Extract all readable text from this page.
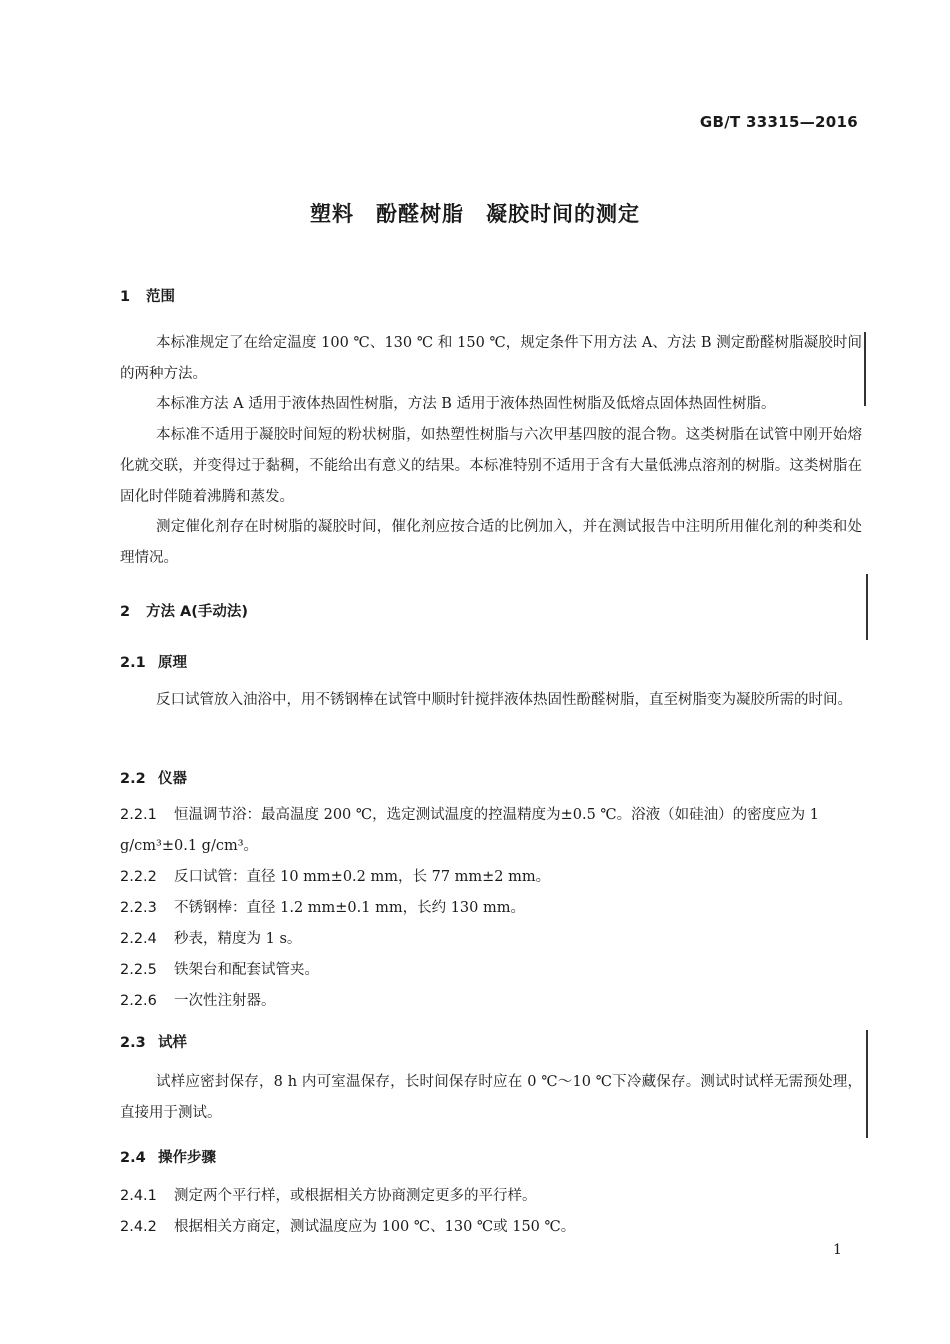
GB/T 33315—2016
塑料　酚醛树脂　凝胶时间的测定
1 范围
本标准规定了在给定温度 100 ℃、130 ℃ 和 150 ℃，规定条件下用方法 A、方法 B 测定酚醛树脂凝胶时间的两种方法。
本标准方法 A 适用于液体热固性树脂，方法 B 适用于液体热固性树脂及低熔点固体热固性树脂。
本标准不适用于凝胶时间短的粉状树脂，如热塑性树脂与六次甲基四胺的混合物。这类树脂在试管中刚开始熔化就交联，并变得过于黏稠，不能给出有意义的结果。本标准特别不适用于含有大量低沸点溶剂的树脂。这类树脂在固化时伴随着沸腾和蒸发。
测定催化剂存在时树脂的凝胶时间，催化剂应按合适的比例加入，并在测试报告中注明所用催化剂的种类和处理情况。
2 方法 A(手动法)
2.1 原理
反口试管放入油浴中，用不锈钢棒在试管中顺时针搅拌液体热固性酚醛树脂，直至树脂变为凝胶所需的时间。
2.2 仪器
2.2.1 恒温调节浴：最高温度 200 ℃，选定测试温度的控温精度为±0.5 ℃。浴液（如硅油）的密度应为 1 g/cm³±0.1 g/cm³。
2.2.2 反口试管：直径 10 mm±0.2 mm，长 77 mm±2 mm。
2.2.3 不锈钢棒：直径 1.2 mm±0.1 mm，长约 130 mm。
2.2.4 秒表，精度为 1 s。
2.2.5 铁架台和配套试管夹。
2.2.6 一次性注射器。
2.3 试样
试样应密封保存，8 h 内可室温保存，长时间保存时应在 0 ℃～10 ℃下冷藏保存。测试时试样无需预处理，直接用于测试。
2.4 操作步骤
2.4.1 测定两个平行样，或根据相关方协商测定更多的平行样。
2.4.2 根据相关方商定，测试温度应为 100 ℃、130 ℃或 150 ℃。
1
